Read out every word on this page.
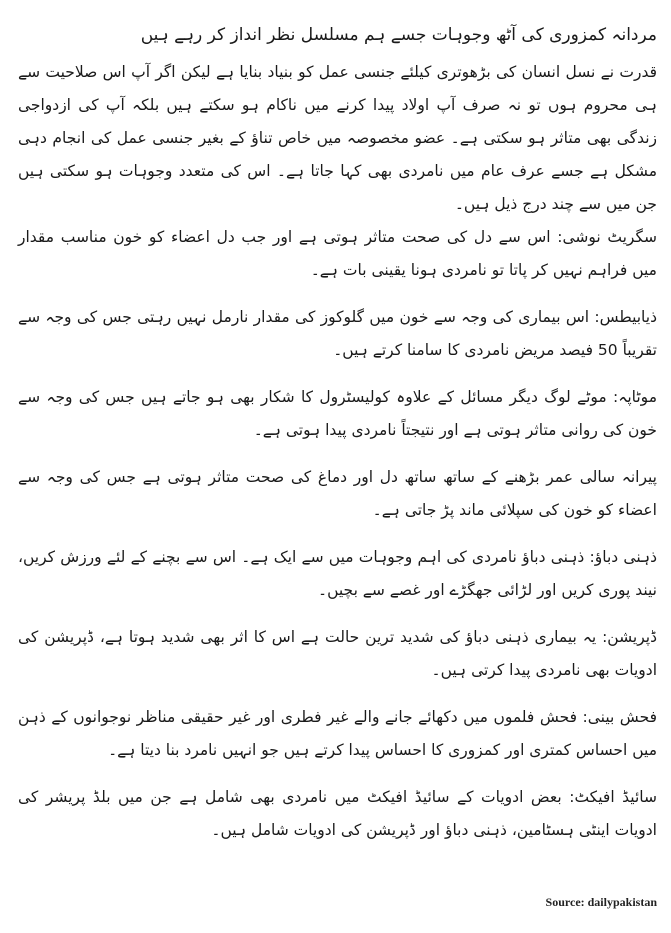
مردانہ کمزوری کی آٹھ وجوہات جسے ہم مسلسل نظر انداز کر رہے ہیں

قدرت نے نسل انسان کی بڑھوتری کیلئے جنسی عمل کو بنیاد بنایا ہے لیکن اگر آپ اس صلاحیت سے ہی محروم ہوں تو نہ صرف آپ اولاد پیدا کرنے میں ناکام ہو سکتے ہیں بلکہ آپ کی ازدواجی زندگی بھی متاثر ہو سکتی ہے۔ عضو مخصوصہ میں خاص تناؤ کے بغیر جنسی عمل کی انجام دہی مشکل ہے جسے عرف عام میں نامردی بھی کہا جاتا ہے۔ اس کی متعدد وجوہات ہو سکتی ہیں جن میں سے چند درج ذیل ہیں۔

سگریٹ نوشی: اس سے دل کی صحت متاثر ہوتی ہے اور جب دل اعضاء کو خون مناسب مقدار میں فراہم نہیں کر پاتا تو نامردی ہونا یقینی بات ہے۔

ذیابیطس: اس بیماری کی وجہ سے خون میں گلوکوز کی مقدار نارمل نہیں رہتی جس کی وجہ سے تقریباً 50 فیصد مریض نامردی کا سامنا کرتے ہیں۔

موٹاپہ: موٹے لوگ دیگر مسائل کے علاوہ کولیسٹرول کا شکار بھی ہو جاتے ہیں جس کی وجہ سے خون کی روانی متاثر ہوتی ہے اور نتیجتاً نامردی پیدا ہوتی ہے۔

پیرانہ سالی عمر بڑھنے کے ساتھ ساتھ دل اور دماغ کی صحت متاثر ہوتی ہے جس کی وجہ سے اعضاء کو خون کی سپلائی ماند پڑ جاتی ہے۔

ذہنی دباؤ: ذہنی دباؤ نامردی کی اہم وجوہات میں سے ایک ہے۔ اس سے بچنے کے لئے ورزش کریں، نیند پوری کریں اور لڑائی جھگڑے اور غصے سے بچیں۔

ڈپریشن: یہ بیماری ذہنی دباؤ کی شدید ترین حالت ہے اس کا اثر بھی شدید ہوتا ہے، ڈپریشن کی ادویات بھی نامردی پیدا کرتی ہیں۔

فحش بینی: فحش فلموں میں دکھائے جانے والے غیر فطری اور غیر حقیقی مناظر نوجوانوں کے ذہن میں احساس کمتری اور کمزوری کا احساس پیدا کرتے ہیں جو انہیں نامرد بنا دیتا ہے۔

سائیڈ افیکٹ: بعض ادویات کے سائیڈ افیکٹ میں نامردی بھی شامل ہے جن میں بلڈ پریشر کی ادویات اینٹی ہسٹامین، ذہنی دباؤ اور ڈپریشن کی ادویات شامل ہیں۔

Source: dailypakistan
